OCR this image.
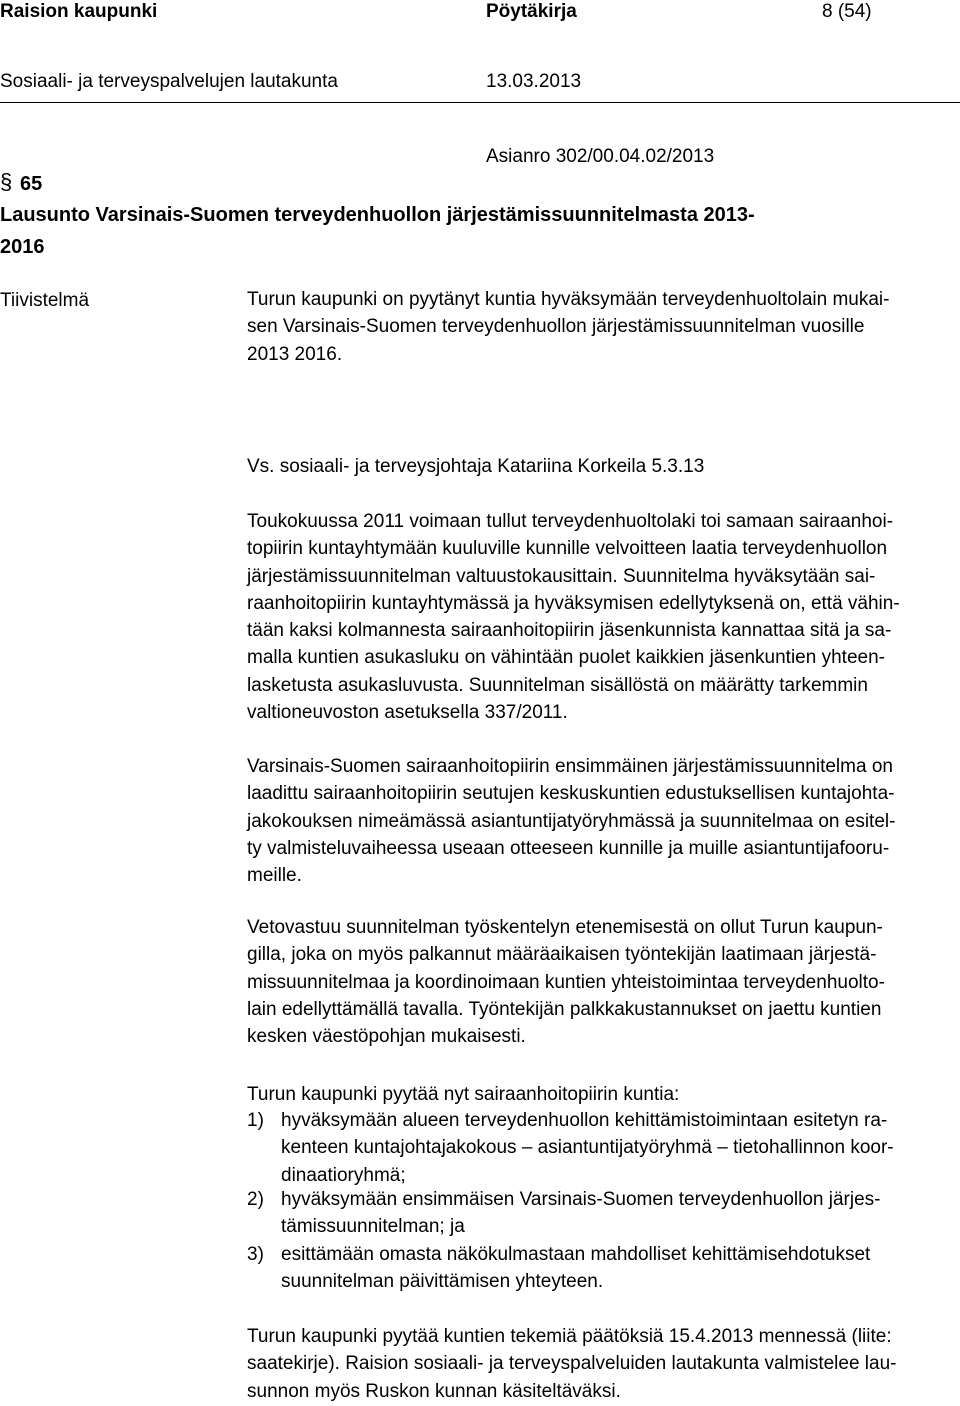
Raision kaupunki	Pöytäkirja	8 (54)
Sosiaali- ja terveyspalvelujen lautakunta	13.03.2013
Asianro 302/00.04.02/2013
§ 65
Lausunto Varsinais-Suomen terveydenhuollon järjestämissuunnitelmasta 2013-
2016
Tiivistelmä	Turun kaupunki on pyytänyt kuntia hyväksymään terveydenhuoltolain mukai-
sen Varsinais-Suomen terveydenhuollon järjestämissuunnitelman vuosille
2013 2016.
Vs. sosiaali- ja terveysjohtaja Katariina Korkeila 5.3.13
Toukokuussa 2011 voimaan tullut terveydenhuoltolaki toi samaan sairaanhoi-
topiirin kuntayhtymään kuuluville kunnille velvoitteen laatia terveydenhuollon
järjestämissuunnitelman valtuustokausittain. Suunnitelma hyväksytään sai-
raanhoitopiirin kuntayhtymässä ja hyväksymisen edellytyksenä on, että vähin-
tään kaksi kolmannesta sairaanhoitopiirin jäsenkunnista kannattaa sitä ja sa-
malla kuntien asukasluku on vähintään puolet kaikkien jäsenkuntien yhteen-
lasketusta asukasluvusta. Suunnitelman sisällöstä on määrätty tarkemmin
valtioneuvoston asetuksella 337/2011.
Varsinais-Suomen sairaanhoitopiirin ensimmäinen järjestämissuunnitelma on
laadittu sairaanhoitopiirin seutujen keskuskuntien edustuksellisen kuntajohta-
jakokouksen nimeämässä asiantuntijatyöryhmässä ja suunnitelmaa on esitel-
ty valmisteluvaiheessa useaan otteeseen kunnille ja muille asiantuntijafooru-
meille.
Vetovastuu suunnitelman työskentelyn etenemisestä on ollut Turun kaupun-
gilla, joka on myös palkannut määräaikaisen työntekijän laatimaan järjestä-
missuunnitelmaa ja koordinoimaan kuntien yhteistoimintaa terveydenhuolto-
lain edellyttämällä tavalla. Työntekijän palkkakustannukset on jaettu kuntien
kesken väestöpohjan mukaisesti.
Turun kaupunki pyytää nyt sairaanhoitopiirin kuntia:
1) hyväksymään alueen terveydenhuollon kehittämistoimintaan esitetyn ra-
kenteen kuntajohtajakokous – asiantuntijatyöryhmä – tietohallinnon koor-
dinaatioryhmä;
2) hyväksymään ensimmäisen Varsinais-Suomen terveydenhuollon järjes-
tämissuunnitelman; ja
3) esittämään omasta näkökulmastaan mahdolliset kehittämisehdotukset
suunnitelman päivittämisen yhteyteen.
Turun kaupunki pyytää kuntien tekemiä päätöksiä 15.4.2013 mennessä (liite:
saatekirje). Raision sosiaali- ja terveyspalveluiden lautakunta valmistelee lau-
sunnon myös Ruskon kunnan käsiteltäväksi.
